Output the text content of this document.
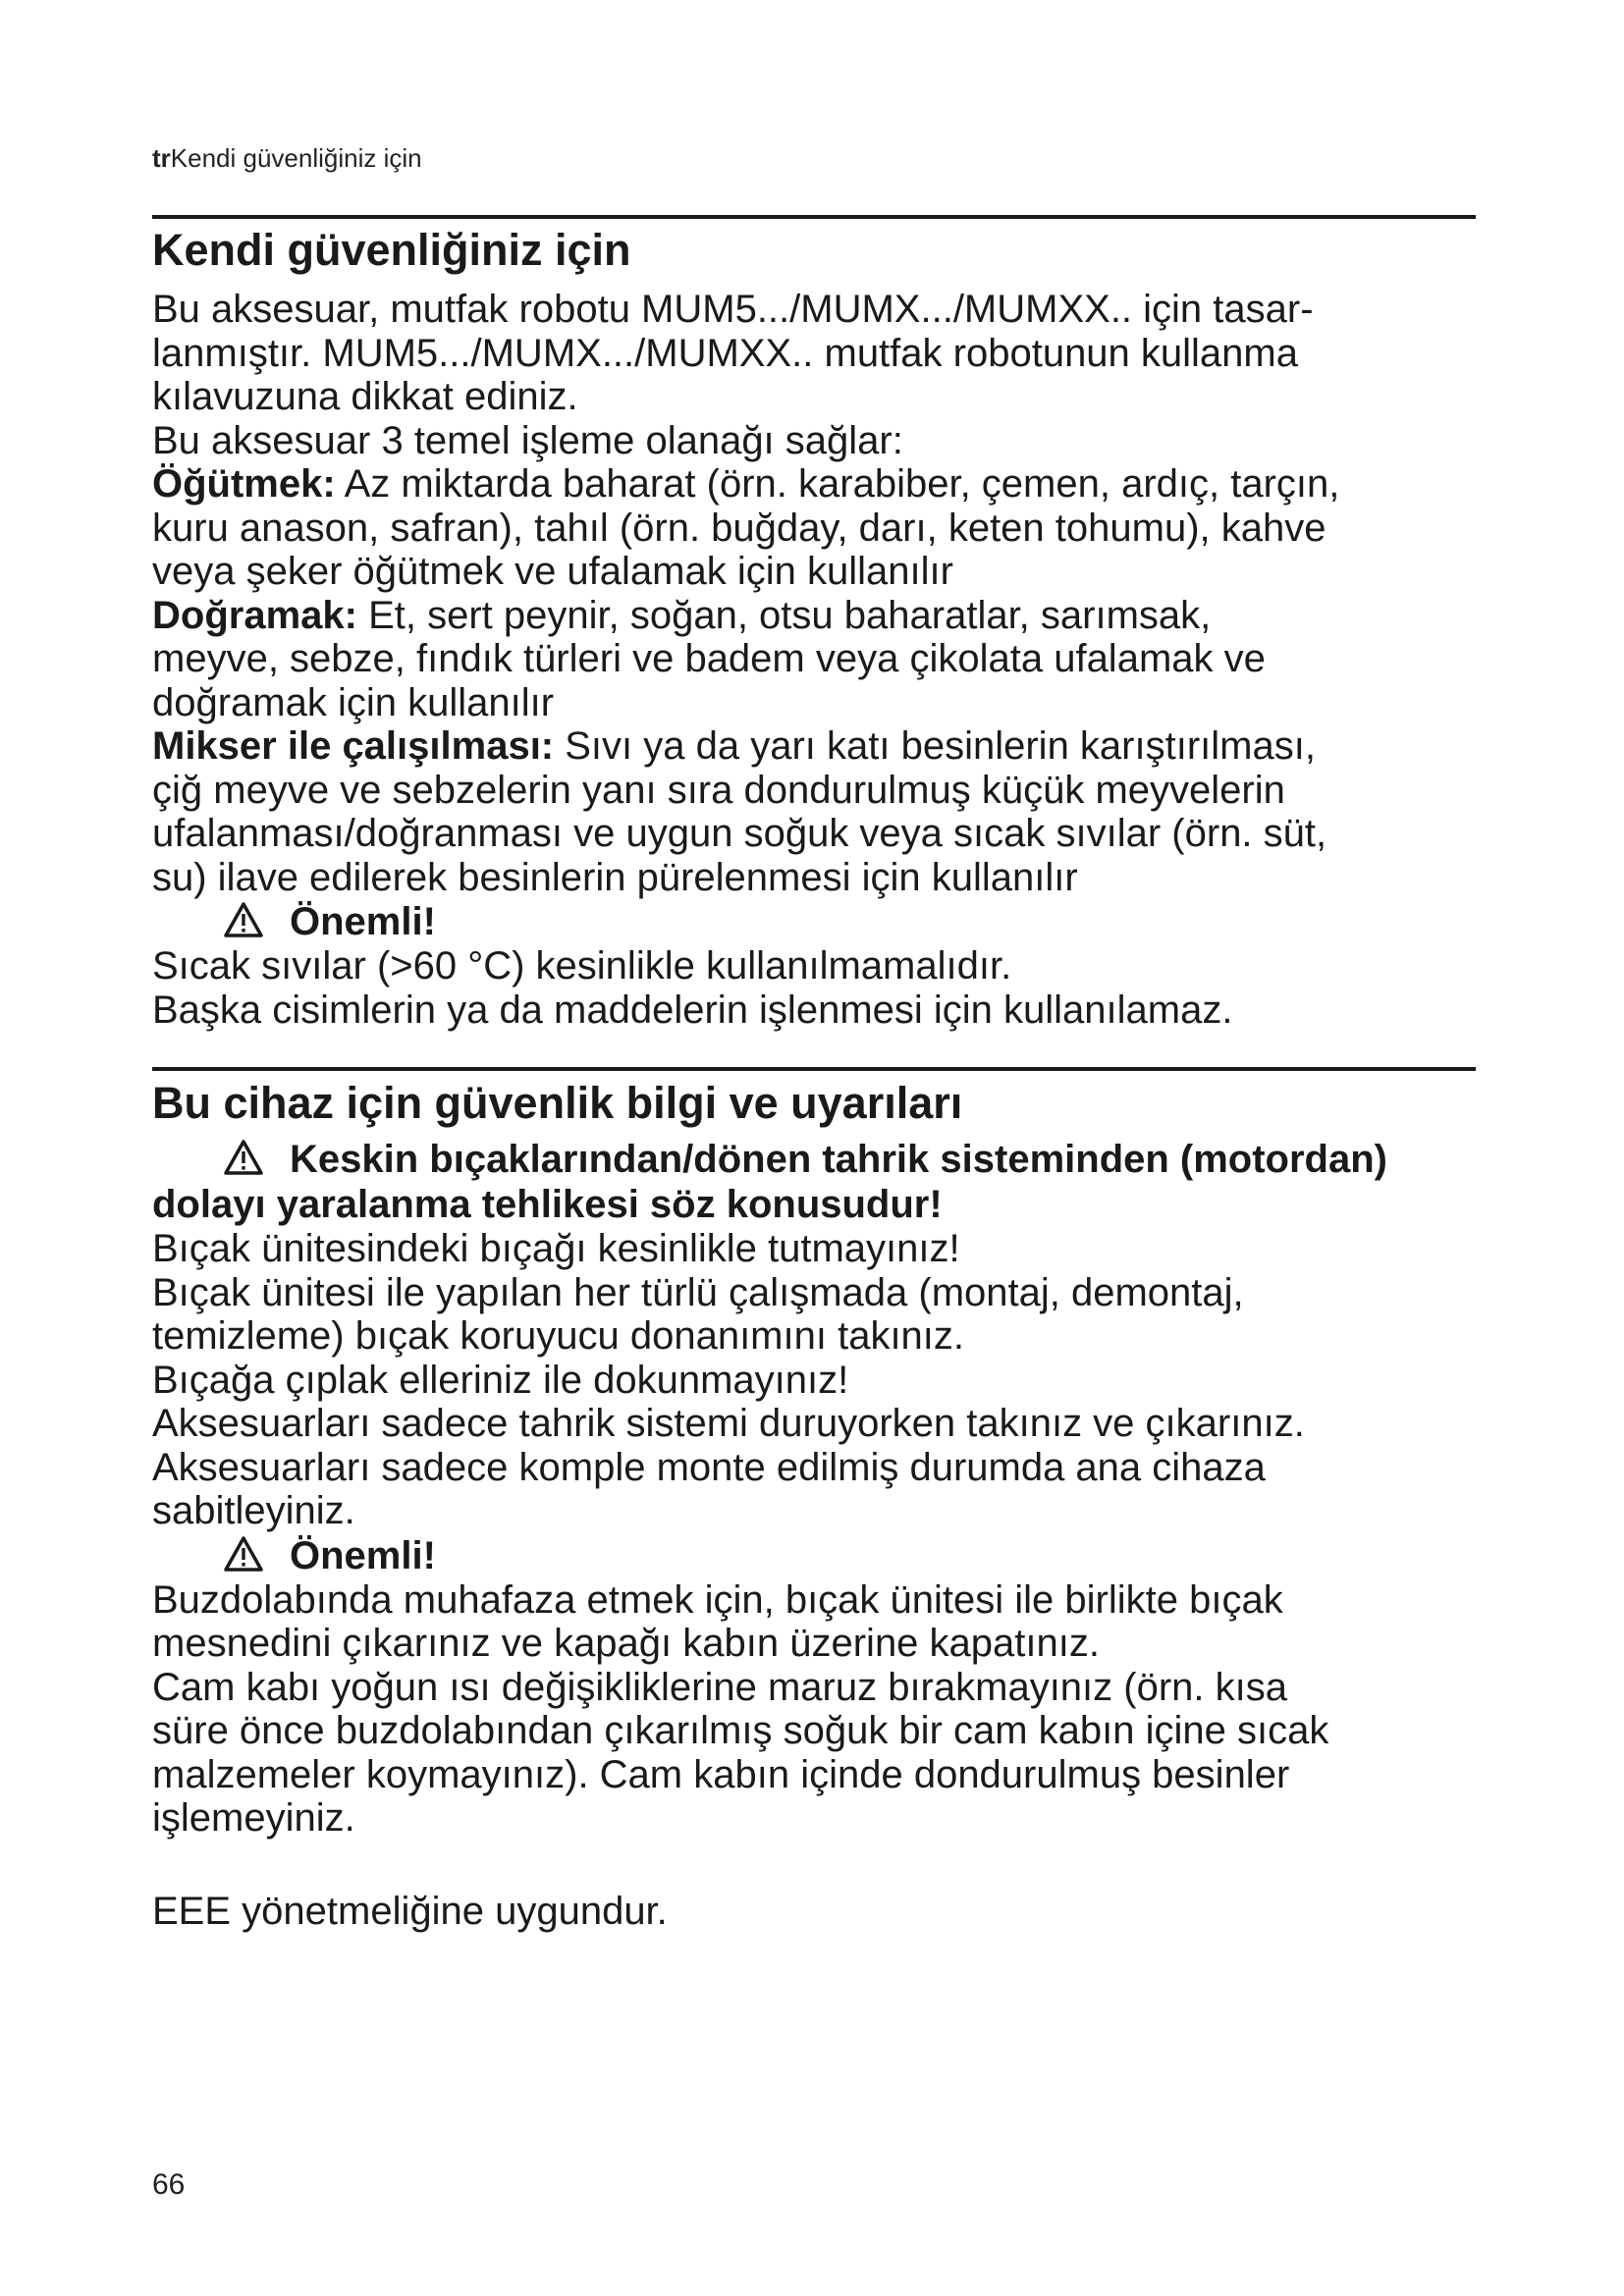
trKendi güvenliğiniz için
Kendi güvenliğiniz için

Bu aksesuar, mutfak robotu MUM5.../MUMX.../MUMXX.. için tasar-

lanmıştır. MUM5.../MUMX.../MUMXX.. mutfak robotunun kullanma

kılavuzuna dikkat ediniz.

Bu aksesuar 3 temel işleme olanağı sağlar:

Öğütmek: Az miktarda baharat (örn. karabiber, çemen, ardıç, tarçın,

kuru anason, safran), tahıl (örn. buğday, darı, keten tohumu), kahve

veya şeker öğütmek ve ufalamak için kullanılır

Doğramak: Et, sert peynir, soğan, otsu baharatlar, sarımsak,

meyve, sebze, fındık türleri ve badem veya çikolata ufalamak ve

doğramak için kullanılır

Mikser ile çalışılması: Sıvı ya da yarı katı besinlerin karıştırılması,

çiğ meyve ve sebzelerin yanı sıra dondurulmuş küçük meyvelerin

ufalanması/doğranması ve uygun soğuk veya sıcak sıvılar (örn. süt,

su) ilave edilerek besinlerin pürelenmesi için kullanılır

Önemli!

Sıcak sıvılar (>60 °C) kesinlikle kullanılmamalıdır.

Başka cisimlerin ya da maddelerin işlenmesi için kullanılamaz.

Bu cihaz için güvenlik bilgi ve uyarıları
Keskin bıçaklarından/dönen tahrik sisteminden (motordan)
dolayı yaralanma tehlikesi söz konusudur!

Bıçak ünitesindeki bıçağı kesinlikle tutmayınız!

Bıçak ünitesi ile yapılan her türlü çalışmada (montaj, demontaj,

temizleme) bıçak koruyucu donanımını takınız.

Bıçağa çıplak elleriniz ile dokunmayınız!

Aksesuarları sadece tahrik sistemi duruyorken takınız ve çıkarınız.

Aksesuarları sadece komple monte edilmiş durumda ana cihaza

sabitleyiniz.

Önemli!

Buzdolabında muhafaza etmek için, bıçak ünitesi ile birlikte bıçak

mesnedini çıkarınız ve kapağı kabın üzerine kapatınız.

Cam kabı yoğun ısı değişikliklerine maruz bırakmayınız (örn. kısa

süre önce buzdolabından çıkarılmış soğuk bir cam kabın içine sıcak

malzemeler koymayınız). Cam kabın içinde dondurulmuş besinler

işlemeyiniz.

EEE yönetmeliğine uygundur.

66
